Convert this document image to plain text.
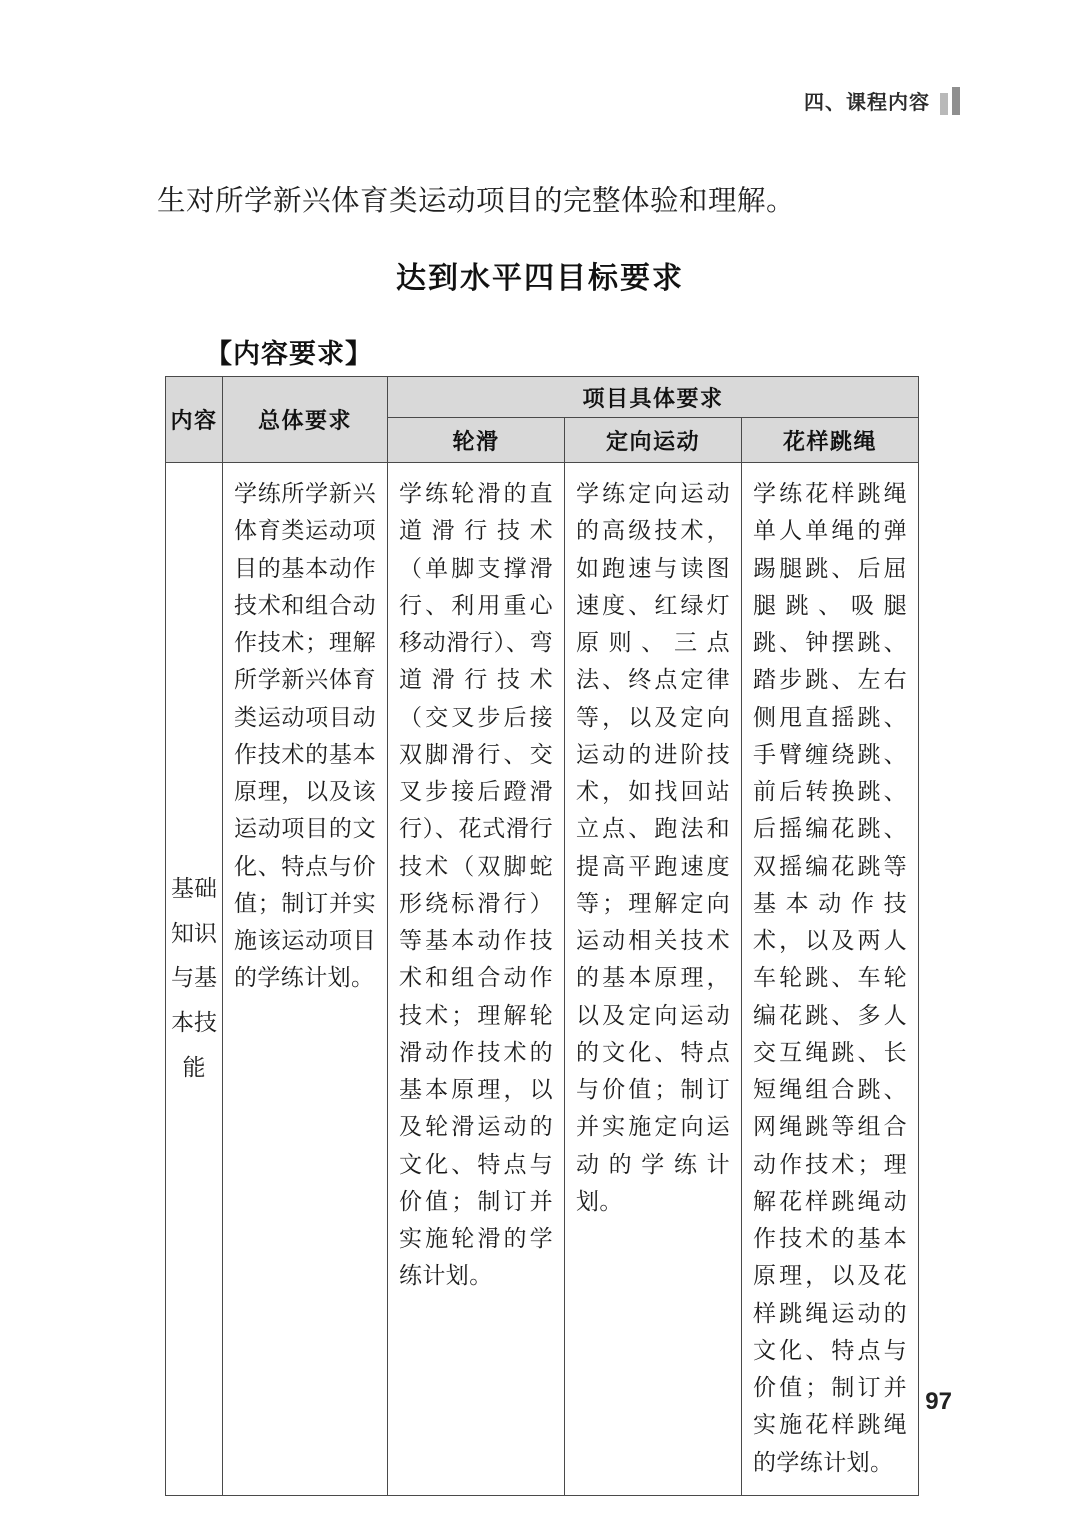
四、课程内容

生对所学新兴体育类运动项目的完整体验和理解。

达到水平四目标要求
【内容要求】
内容	总体要求	项目具体要求		
		轮滑	定向运动	花样跳绳

基础知识与基本技能	学练所学新兴体育类运动项目的基本动作技术和组合动作技术；理解所学新兴体育类运动项目动作技术的基本原理，以及该运动项目的文化、特点与价值；制订并实施该运动项目的学练计划。	学练轮滑的直道滑行技术（单脚支撑滑行、利用重心移动滑行）、弯道滑行技术（交叉步后接双脚滑行、交叉步接后蹬滑行）、花式滑行技术（双脚蛇形绕标滑行）等基本动作技术和组合动作技术；理解轮滑动作技术的基本原理，以及轮滑运动的文化、特点与价值；制订并实施轮滑的学练计划。	学练定向运动的高级技术，如跑速与读图速度、红绿灯原则、三点法、终点定律等，以及定向运动的进阶技术，如找回站立点、跑法和提高平跑速度等；理解定向运动相关技术的基本原理，以及定向运动的文化、特点与价值；制订并实施定向运动的学练计划。	学练花样跳绳单人单绳的弹踢腿跳、后屈腿跳、吸腿跳、钟摆跳、踏步跳、左右侧甩直摇跳、手臂缠绕跳、前后转换跳、后摇编花跳、双摇编花跳等基本动作技术，以及两人车轮跳、车轮编花跳、多人交互绳跳、长短绳组合跳、网绳跳等组合动作技术；理解花样跳绳动作技术的基本原理，以及花样跳绳运动的文化、特点与价值；制订并实施花样跳绳的学练计划。
97
